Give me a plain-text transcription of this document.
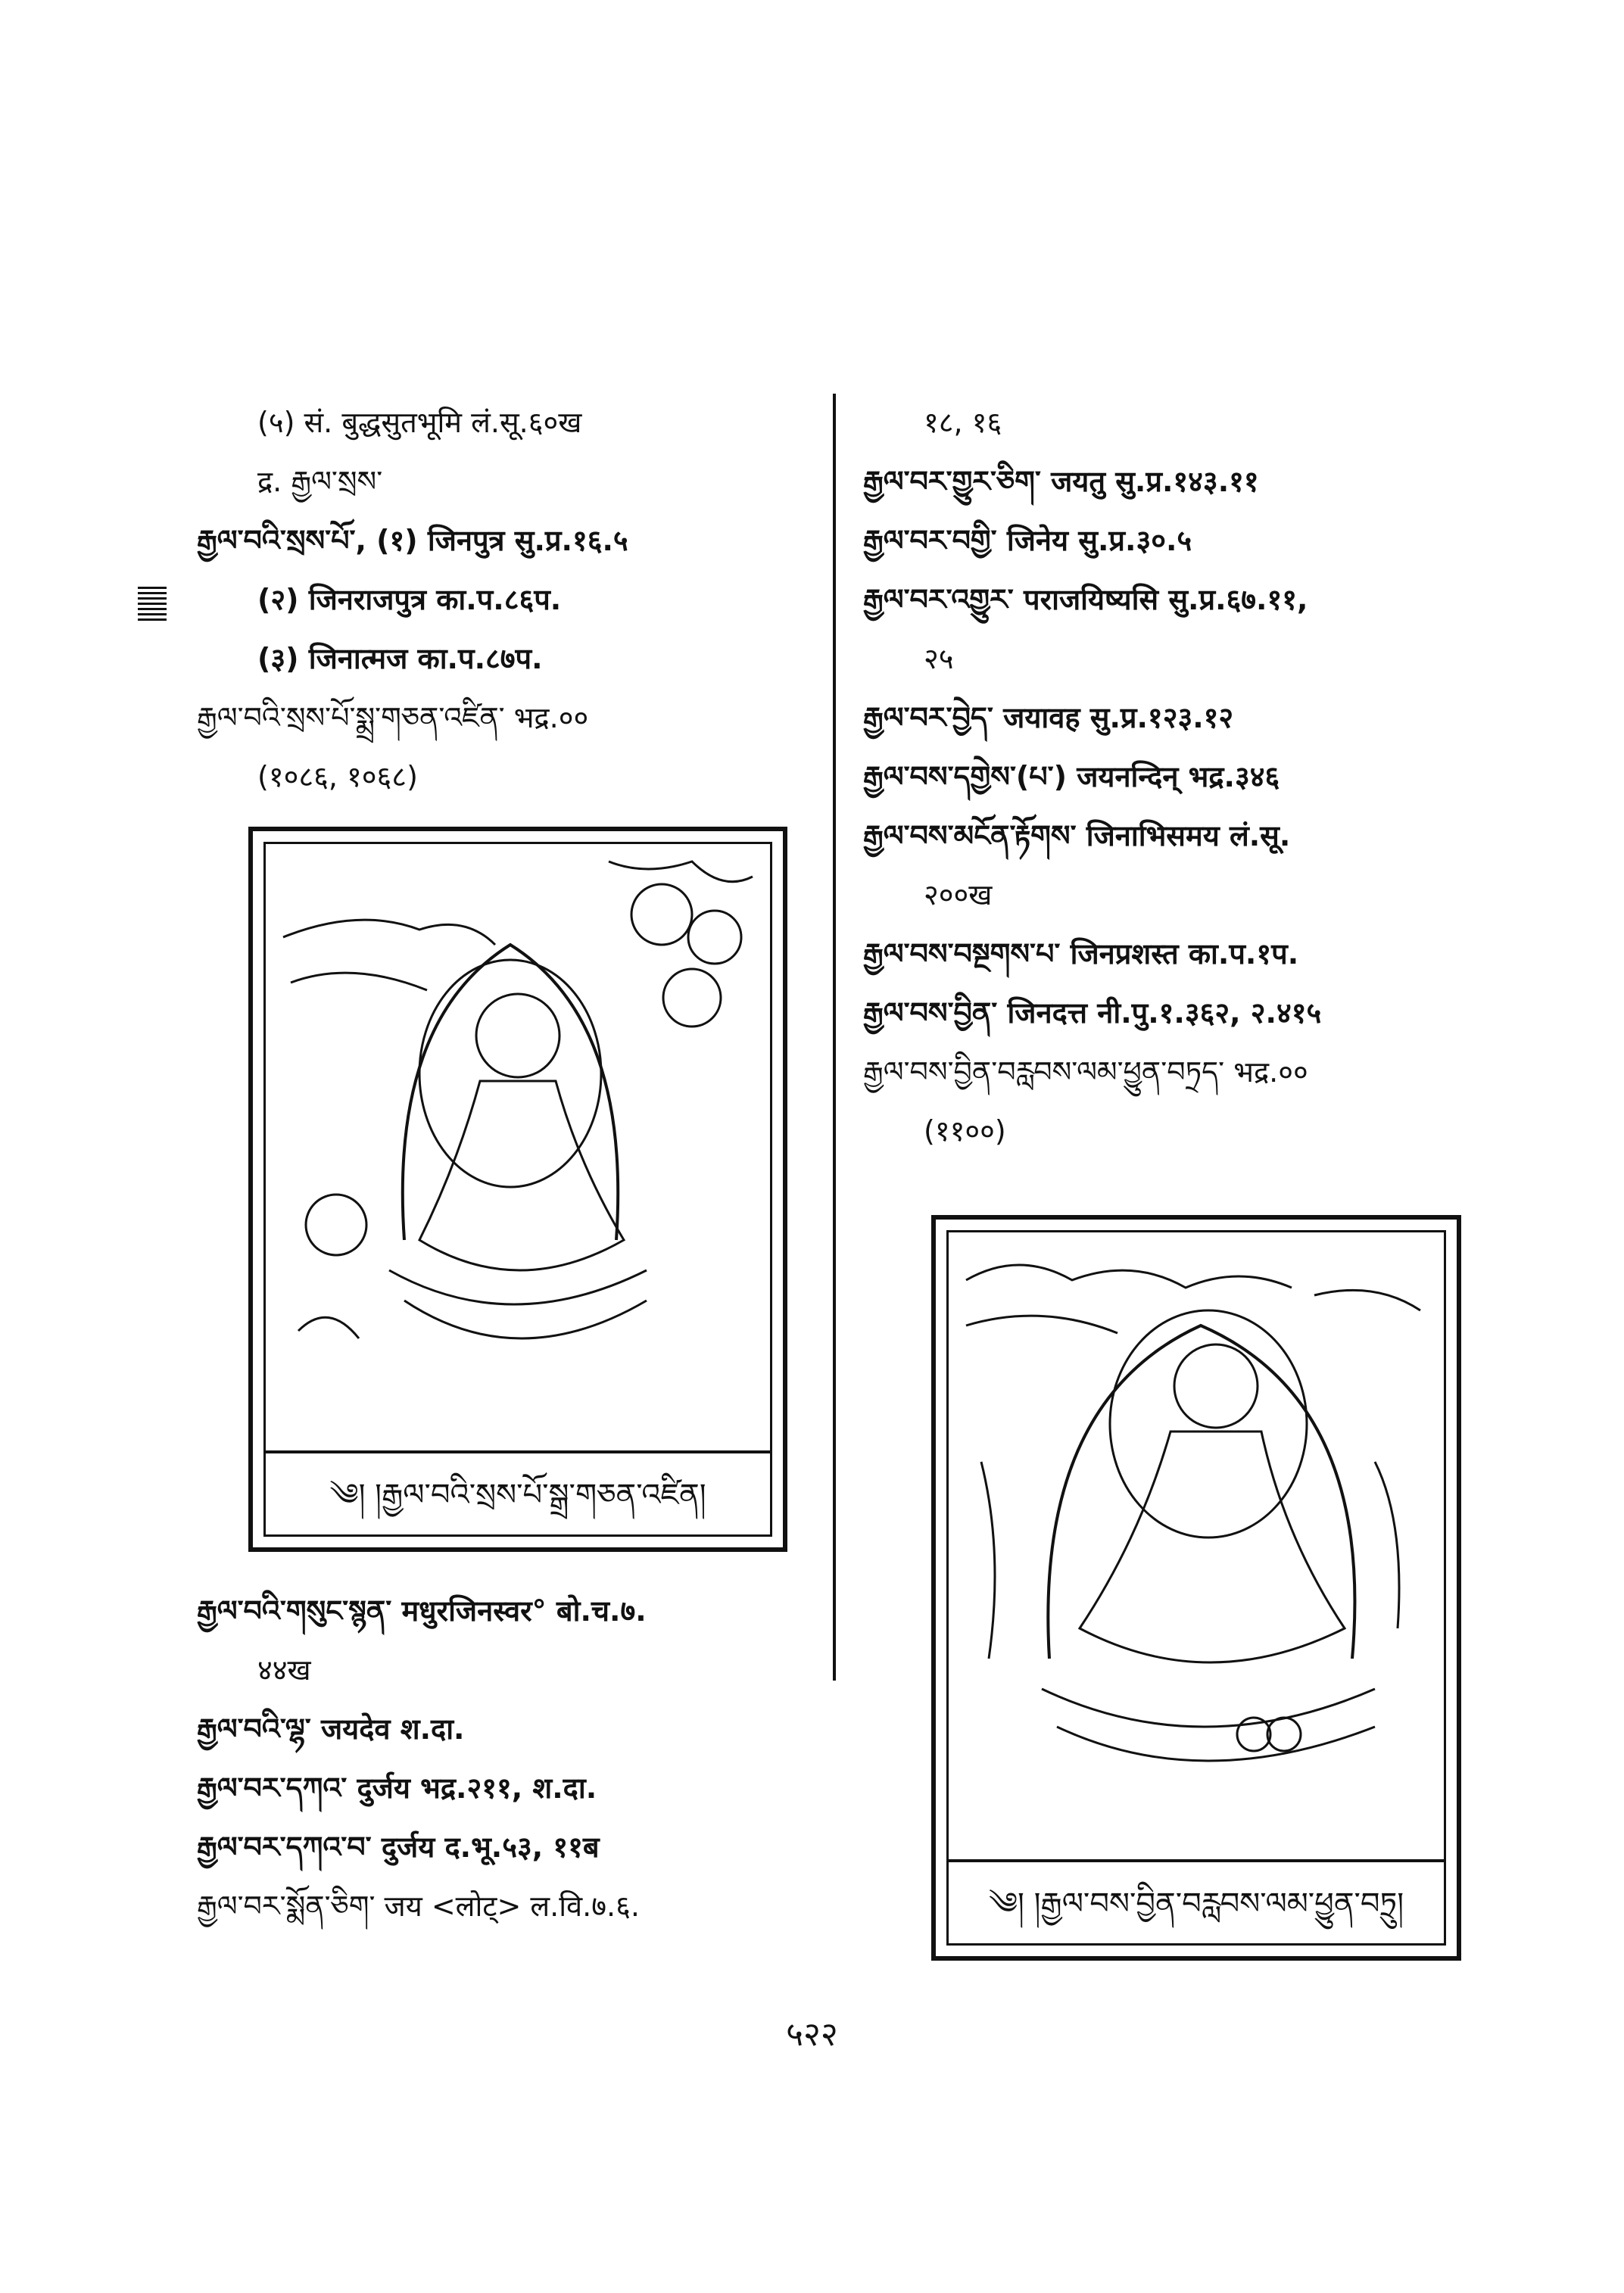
(५) सं. बुद्धसुतभूमि लं.सू.६०ख
द्र. རྒྱལ་སྲས་
རྒྱལ་བའི་སྲས་པོ་, (१) जिनपुत्र सु.प्र.१६.५
(२) जिनराजपुत्र का.प.८६प.
(३) जिनात्मज का.प.८७प.
རྒྱལ་བའི་སྲས་པོ་སྨྲ་གཅན་འཛིན་ भद्र.००
(१०८६, १०६८)
༄། །རྒྱལ་བའི་སྲས་པོ་སྒྲ་གཅན་འཛིན།
རྒྱལ་བའི་གསུང་སྙན་ मधुरजिनस्वर° बो.च.७.
४४ख
རྒྱལ་བའི་ལྷ་ जयदेव श.दा.
རྒྱལ་བར་དཀའ་ दुर्जय भद्र.२११, श.दा.
རྒྱལ་བར་དཀའ་བ་ दुर्जय द.भू.५३, ११ब
རྒྱལ་བར་སྨོན་ཅིག་ जय <लोट्> ल.वि.७.६.
१८, १६
རྒྱལ་བར་གྱུར་ཅིག་ जयतु सु.प्र.१४३.११
རྒྱལ་བར་བགྱི་ जिनेय सु.प्र.३०.५
རྒྱལ་བར་འགྱུར་ पराजयिष्यसि सु.प्र.६७.११,
२५
རྒྱལ་བར་བྱེད་ जयावह सु.प्र.१२३.१२
རྒྱལ་བས་དགྱེས་(པ་) जयनन्दिन् भद्र.३४६
རྒྱལ་བས་མངོན་རྟོགས་ जिनाभिसमय लं.सू.
२००ख
རྒྱལ་བས་བསྔགས་པ་ जिनप्रशस्त का.प.१प.
རྒྱལ་བས་བྱིན་ जिनदत्त नी.पु.१.३६२, २.४१५
རྒྱལ་བས་བྱིན་བརླབས་ལམ་ཕྱུན་བཏྲད་ भद्र.००
(११००)
༄། །རྒྱལ་བས་བྱིན་བརླབས་ལམ་ཕྱུན་བཏྲུ།
५२२
